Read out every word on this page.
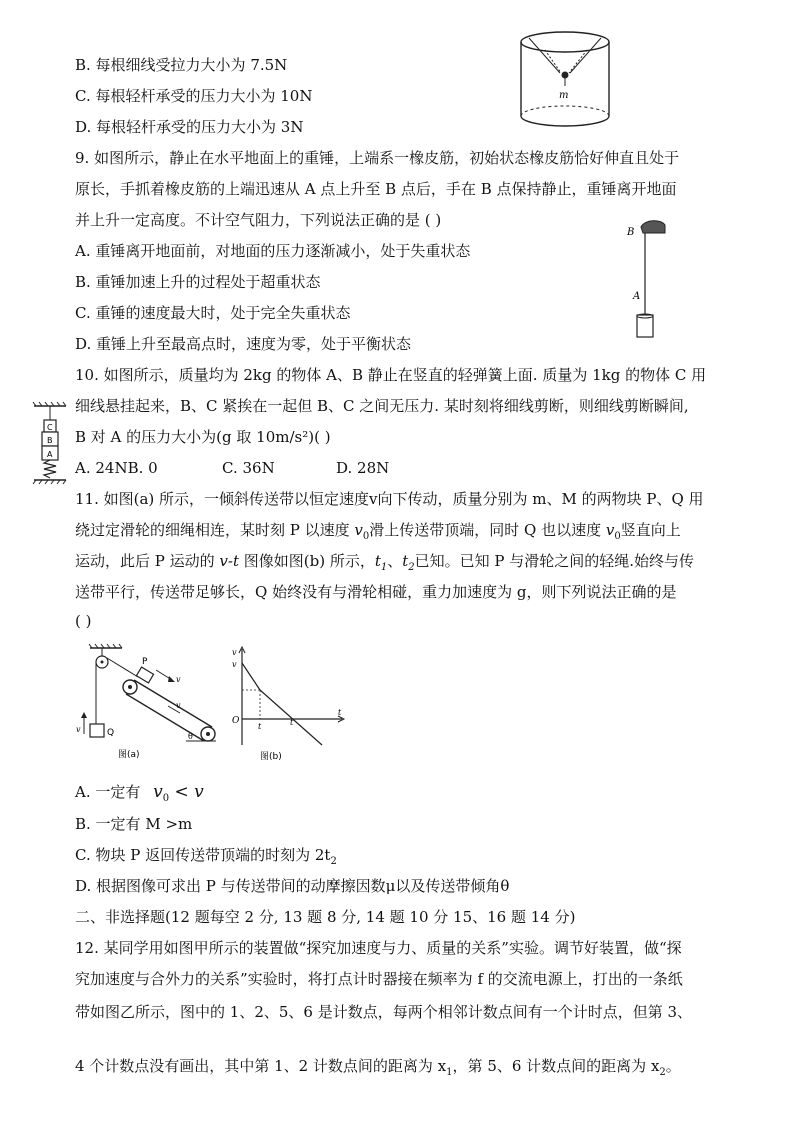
B. 每根细线受拉力大小为 7.5N
C. 每根轻杆承受的压力大小为 10N
D. 每根轻杆承受的压力大小为 3N
m
9. 如图所示，静止在水平地面上的重锤，上端系一橡皮筋，初始状态橡皮筋恰好伸直且处于
原长，手抓着橡皮筋的上端迅速从 A 点上升至 B 点后，手在 B 点保持静止，重锤离开地面
并上升一定高度。不计空气阻力，下列说法正确的是 ( )
A. 重锤离开地面前，对地面的压力逐渐减小，处于失重状态
B. 重锤加速上升的过程处于超重状态
C. 重锤的速度最大时，处于完全失重状态
D. 重锤上升至最高点时，速度为零，处于平衡状态
B
A
10. 如图所示，质量均为 2kg 的物体 A、B 静止在竖直的轻弹簧上面. 质量为 1kg 的物体 C 用
细线悬挂起来，B、C 紧挨在一起但 B、C 之间无压力. 某时刻将细线剪断，则细线剪断瞬间,
B 对 A 的压力大小为(g 取 10m/s²)( )
A. 24NB. 0	C. 36N	D. 28N
C
B
A
11. 如图(a) 所示，一倾斜传送带以恒定速度v向下传动，质量分别为 m、M 的两物块 P、Q 用
绕过定滑轮的细绳相连，某时刻 P 以速度 $v_0$滑上传送带顶端，同时 Q 也以速度 $v_0$竖直向上
运动，此后 P 运动的 v-t 图像如图(b) 所示，$t_1$、$t_2$已知。已知 P 与滑轮之间的轻绳.始终与传
送带平行，传送带足够长，Q 始终没有与滑轮相碰，重力加速度为 g，则下列说法正确的是
( )
Q
v
P
v
v
θ
图(a)
v
v
O
t	t
t
图(b)
A. 一定有 $v_0 < v$
B. 一定有 M >m
C. 物块 P 返回传送带顶端的时刻为 $2t_2$
D. 根据图像可求出 P 与传送带间的动摩擦因数μ以及传送带倾角θ
二、非选择题(12 题每空 2 分, 13 题 8 分, 14 题 10 分 15、16 题 14 分)
12. 某同学用如图甲所示的装置做“探究加速度与力、质量的关系”实验。调节好装置，做“探
究加速度与合外力的关系”实验时，将打点计时器接在频率为 f 的交流电源上，打出的一条纸
带如图乙所示，图中的 1、2、5、6 是计数点，每两个相邻计数点间有一个计时点，但第 3、
4 个计数点没有画出，其中第 1、2 计数点间的距离为 $x_1$，第 5、6 计数点间的距离为 $x_2$。
